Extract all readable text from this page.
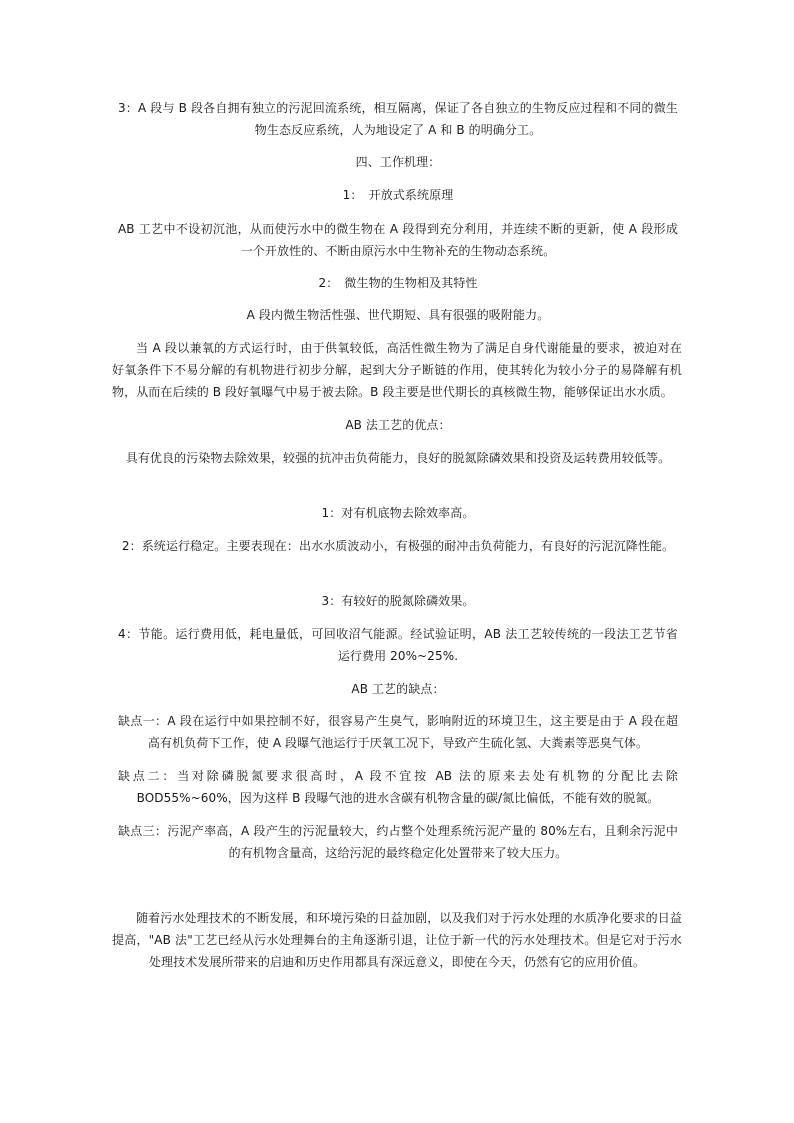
3：A 段与 B 段各自拥有独立的污泥回流系统，相互隔离，保证了各自独立的生物反应过程和不同的微生物生态反应系统，人为地设定了 A 和 B 的明确分工。

四、工作机理：

1：　开放式系统原理

AB 工艺中不设初沉池，从而使污水中的微生物在 A 段得到充分利用，并连续不断的更新，使 A 段形成一个开放性的、不断由原污水中生物补充的生物动态系统。

2：　微生物的生物相及其特性

A 段内微生物活性强、世代期短、具有很强的吸附能力。

当 A 段以兼氧的方式运行时，由于供氧较低，高活性微生物为了满足自身代谢能量的要求，被迫对在好氧条件下不易分解的有机物进行初步分解，起到大分子断链的作用，使其转化为较小分子的易降解有机物，从而在后续的 B 段好氧曝气中易于被去除。B 段主要是世代期长的真核微生物，能够保证出水水质。

AB 法工艺的优点：

具有优良的污染物去除效果，较强的抗冲击负荷能力，良好的脱氮除磷效果和投资及运转费用较低等。

1：对有机底物去除效率高。

2：系统运行稳定。主要表现在：出水水质波动小，有极强的耐冲击负荷能力，有良好的污泥沉降性能。

3：有较好的脱氮除磷效果。

4：节能。运行费用低，耗电量低，可回收沼气能源。经试验证明，AB 法工艺较传统的一段法工艺节省运行费用 20%~25%.

AB 工艺的缺点：

缺点一：A 段在运行中如果控制不好，很容易产生臭气，影响附近的环境卫生，这主要是由于 A 段在超高有机负荷下工作，使 A 段曝气池运行于厌氧工况下，导致产生硫化氢、大粪素等恶臭气体。

缺点二：当对除磷脱氮要求很高时，A 段不宜按 AB 法的原来去处有机物的分配比去除 BOD55%~60%，因为这样 B 段曝气池的进水含碳有机物含量的碳/氮比偏低，不能有效的脱氮。

缺点三：污泥产率高，A 段产生的污泥量较大，约占整个处理系统污泥产量的 80%左右，且剩余污泥中的有机物含量高，这给污泥的最终稳定化处置带来了较大压力。

随着污水处理技术的不断发展，和环境污染的日益加剧，以及我们对于污水处理的水质净化要求的日益提高，"AB 法"工艺已经从污水处理舞台的主角逐渐引退，让位于新一代的污水处理技术。但是它对于污水处理技术发展所带来的启迪和历史作用都具有深远意义，即使在今天，仍然有它的应用价值。
